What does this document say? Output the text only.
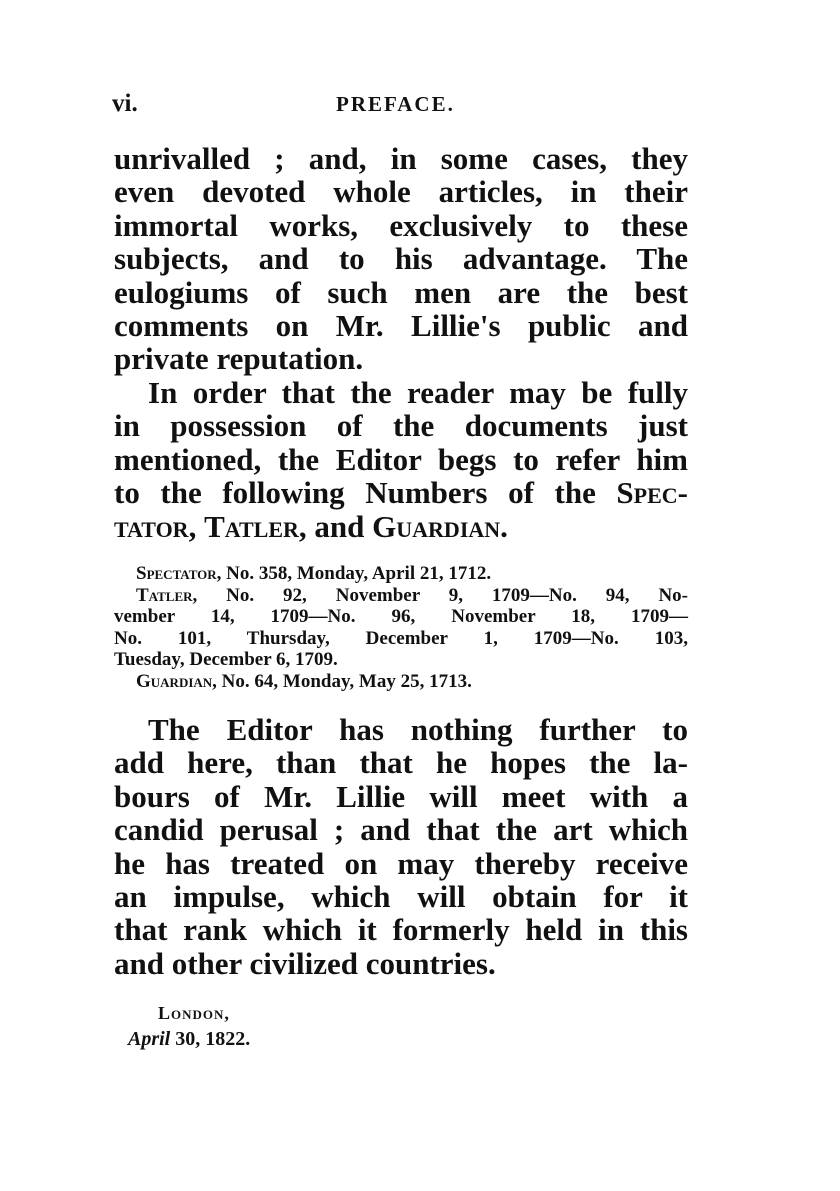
vi.	PREFACE.
unrivalled ; and, in some cases, they
even devoted whole articles, in their
immortal works, exclusively to these
subjects, and to his advantage. The
eulogiums of such men are the best
comments on Mr. Lillie's public and
private reputation.
In order that the reader may be fully
in possession of the documents just
mentioned, the Editor begs to refer him
to the following Numbers of the Spec-
tator, Tatler, and Guardian.
Spectator, No. 358, Monday, April 21, 1712.
Tatler, No. 92, November 9, 1709—No. 94, No-
vember 14, 1709—No. 96, November 18, 1709—
No. 101, Thursday, December 1, 1709—No. 103,
Tuesday, December 6, 1709.
Guardian, No. 64, Monday, May 25, 1713.
The Editor has nothing further to
add here, than that he hopes the la-
bours of Mr. Lillie will meet with a
candid perusal ; and that the art which
he has treated on may thereby receive
an impulse, which will obtain for it
that rank which it formerly held in this
and other civilized countries.
London,
April 30, 1822.
